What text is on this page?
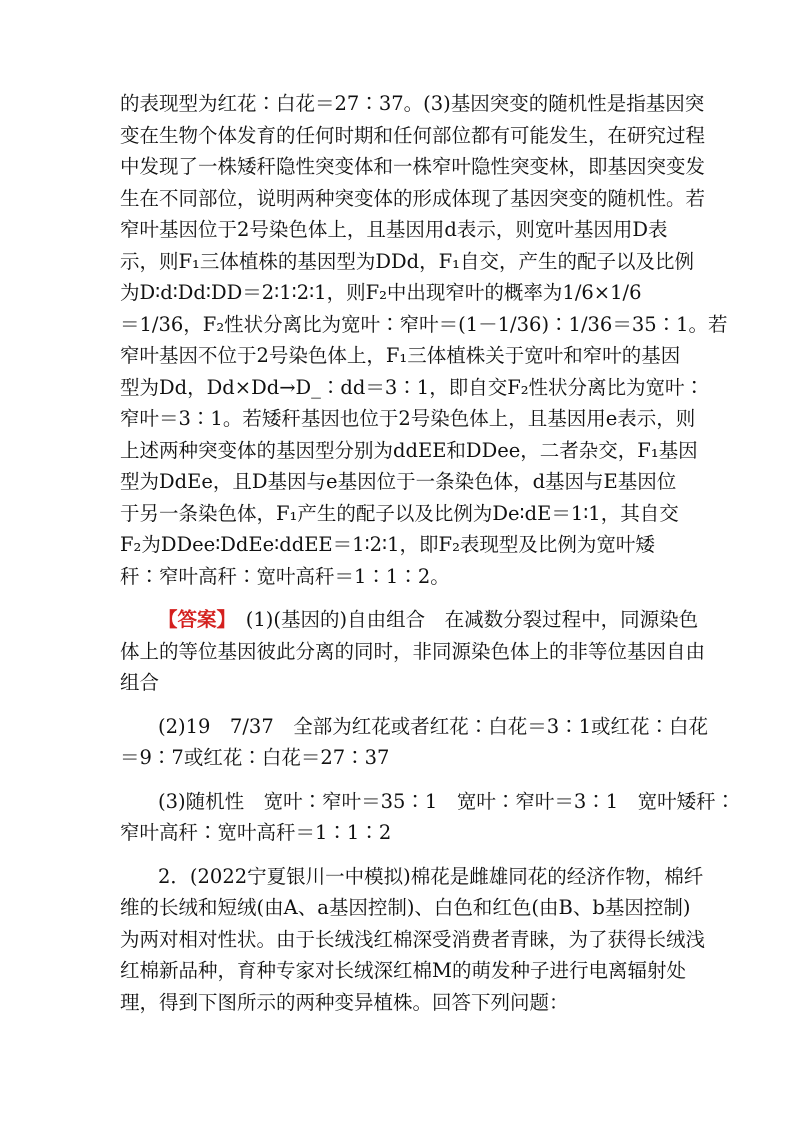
的表现型为红花∶白花＝27∶37。(3)基因突变的随机性是指基因突
变在生物个体发育的任何时期和任何部位都有可能发生，在研究过程
中发现了一株矮秆隐性突变体和一株窄叶隐性突变林，即基因突变发
生在不同部位，说明两种突变体的形成体现了基因突变的随机性。若
窄叶基因位于2号染色体上，且基因用d表示，则宽叶基因用D表
示，则F₁三体植株的基因型为DDd，F₁自交，产生的配子以及比例
为D∶d∶Dd∶DD＝2∶1∶2∶1，则F₂中出现窄叶的概率为1/6×1/6
＝1/36，F₂性状分离比为宽叶∶窄叶＝(1－1/36)∶1/36＝35∶1。若
窄叶基因不位于2号染色体上，F₁三体植株关于宽叶和窄叶的基因
型为Dd，Dd×Dd→D_∶dd＝3∶1，即自交F₂性状分离比为宽叶∶
窄叶＝3∶1。若矮秆基因也位于2号染色体上，且基因用e表示，则
上述两种突变体的基因型分别为ddEE和DDee，二者杂交，F₁基因
型为DdEe，且D基因与e基因位于一条染色体，d基因与E基因位
于另一条染色体，F₁产生的配子以及比例为De∶dE＝1∶1，其自交
F₂为DDee∶DdEe∶ddEE＝1∶2∶1，即F₂表现型及比例为宽叶矮
秆∶窄叶高秆∶宽叶高秆＝1∶1∶2。

【答案】　(1)(基因的)自由组合　在减数分裂过程中，同源染色
体上的等位基因彼此分离的同时，非同源染色体上的非等位基因自由
组合

(2)19　7/37　全部为红花或者红花∶白花＝3∶1或红花∶白花
＝9∶7或红花∶白花＝27∶37

(3)随机性　宽叶∶窄叶＝35∶1　宽叶∶窄叶＝3∶1　宽叶矮秆∶
窄叶高秆∶宽叶高秆＝1∶1∶2

2．(2022宁夏银川一中模拟)棉花是雌雄同花的经济作物，棉纤
维的长绒和短绒(由A、a基因控制)、白色和红色(由B、b基因控制)
为两对相对性状。由于长绒浅红棉深受消费者青睐，为了获得长绒浅
红棉新品种，育种专家对长绒深红棉M的萌发种子进行电离辐射处
理，得到下图所示的两种变异植株。回答下列问题：
